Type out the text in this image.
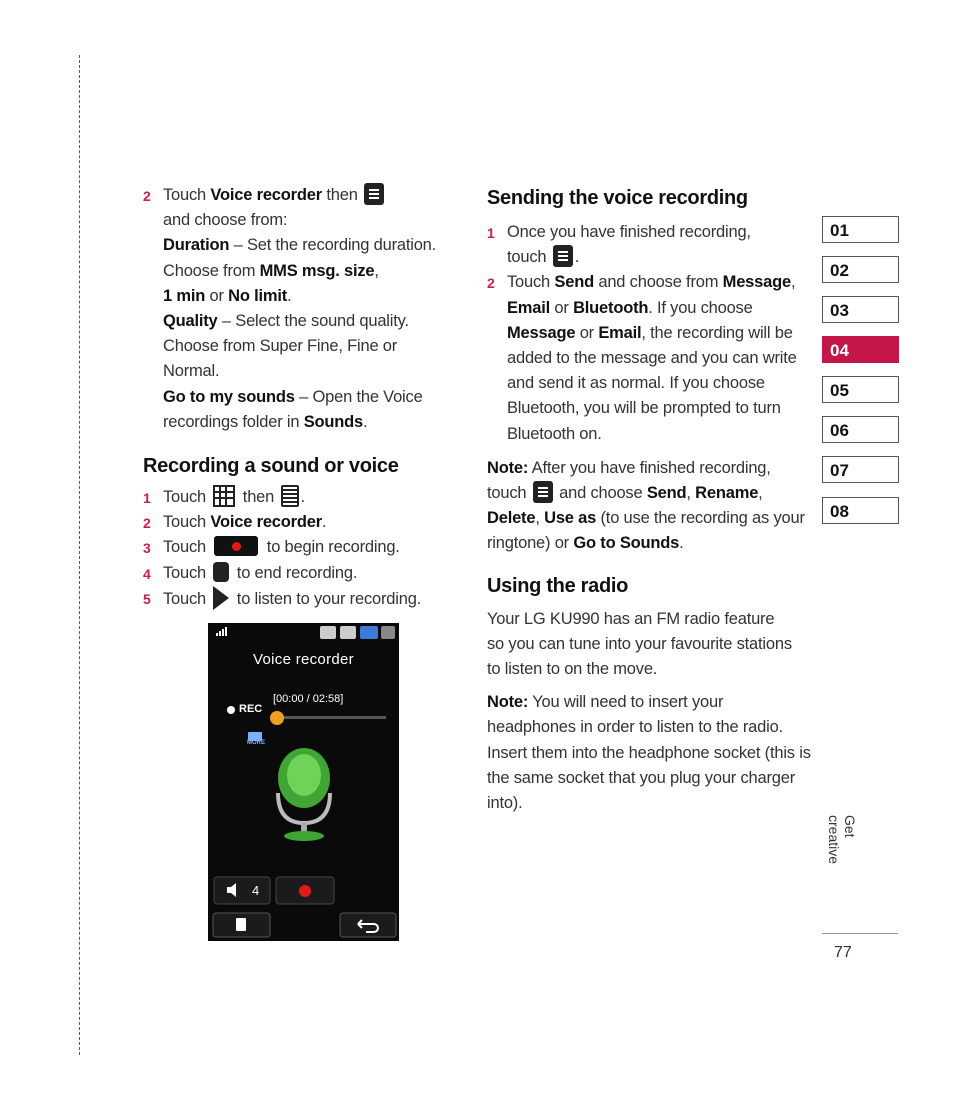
2 Touch Voice recorder then
and choose from:
Duration – Set the recording duration. Choose from MMS msg. size,
1 min or No limit.
Quality – Select the sound quality. Choose from Super Fine, Fine or Normal.
Go to my sounds – Open the Voice recordings folder in Sounds.
Recording a sound or voice
1 Touch  then .
2 Touch Voice recorder.
3 Touch	to begin recording.
4 Touch  to end recording.
5 Touch  to listen to your recording.
Voice recorder
REC
[00:00 / 02:58]
MORE
4
Sending the voice recording
1 Once you have finished recording, touch .
2 Touch Send and choose from Message, Email or Bluetooth. If you choose Message or Email, the recording will be added to the message and you can write and send it as normal. If you choose Bluetooth, you will be prompted to turn Bluetooth on.

Note: After you have finished recording, touch  and choose Send, Rename, Delete, Use as (to use the recording as your ringtone) or Go to Sounds.

Using the radio

Your LG KU990 has an FM radio feature so you can tune into your favourite stations to listen to on the move.

Note: You will need to insert your headphones in order to listen to the radio. Insert them into the headphone socket (this is the same socket that you plug your charger into).

01
02
03
04
05
06
07
08
Get creative
77
